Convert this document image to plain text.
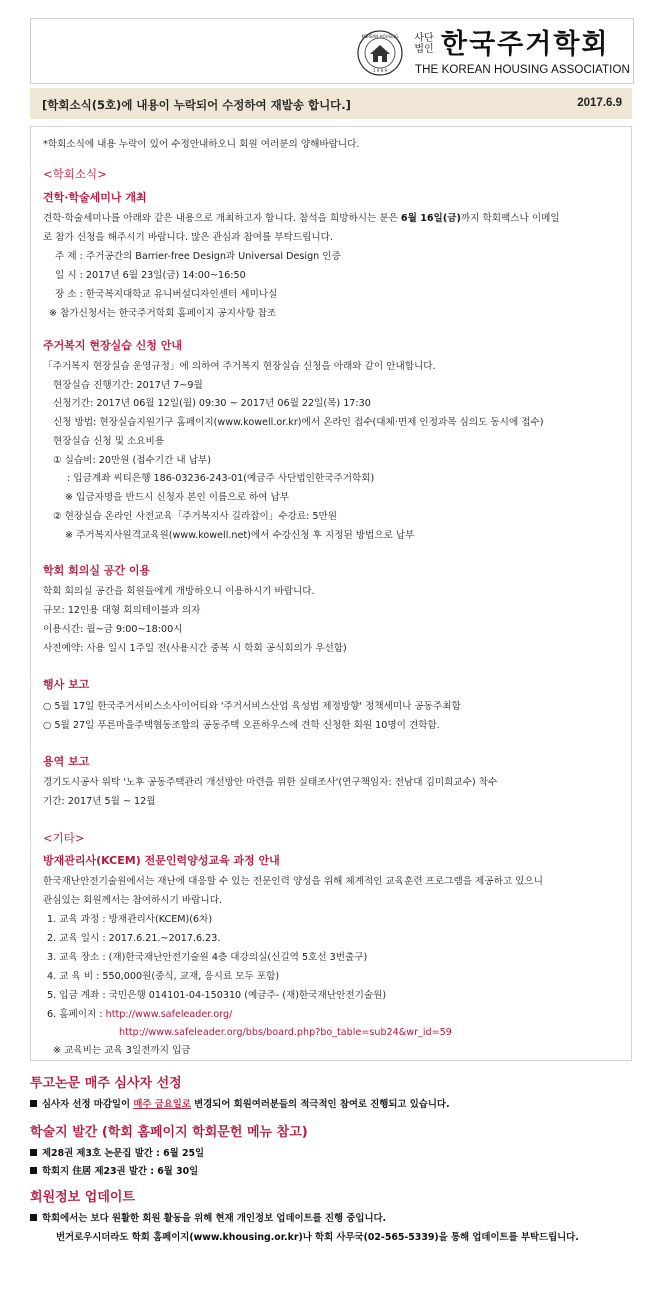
KOREAN HOUSING
1 9 8 9
사단
법인 한국주거학회
THE KOREAN HOUSING ASSOCIATION
[학회소식(5호)에 내용이 누락되어 수정하여 재발송 합니다.]	2017.6.9
*학회소식에 내용 누락이 있어 수정안내하오니 회원 여러분의 양해바랍니다.
<학회소식>
견학·학술세미나 개최
견학·학술세미나를 아래와 같은 내용으로 개최하고자 합니다. 참석을 희망하시는 분은 6월 16일(금)까지 학회팩스나 이메일
로 참가 신청을 해주시기 바랍니다. 많은 관심과 참여를 부탁드립니다.
주 제 : 주거공간의 Barrier-free Design과 Universal Design 인증
일 시 : 2017년 6월 23일(금) 14:00~16:50
장 소 : 한국복지대학교 유니버설디자인센터 세미나실
※ 참가신청서는 한국주거학회 홈페이지 공지사항 참조
주거복지 현장실습 신청 안내
「주거복지 현장실습 운영규정」에 의하여 주거복지 현장실습 신청을 아래와 같이 안내합니다.
현장실습 진행기간: 2017년 7~9월
신청기간: 2017년 06월 12일(월) 09:30 ~ 2017년 06월 22일(목) 17:30
신청 방법: 현장실습지원기구 홈페이지(www.kowell.or.kr)에서 온라인 접수(대체·면제 인정과목 심의도 동시에 접수)
현장실습 신청 및 소요비용
① 실습비: 20만원 (접수기간 내 납부)
: 입금계좌 씨티은행 186-03236-243-01(예금주 사단법인한국주거학회)
※ 입금자명을 반드시 신청자 본인 이름으로 하여 납부
② 현장실습 온라인 사전교육「주거복지사 길라잡이」수강료: 5만원
※ 주거복지사원격교육원(www.kowell.net)에서 수강신청 후 지정된 방법으로 납부
학회 회의실 공간 이용
학회 회의실 공간을 회원들에게 개방하오니 이용하시기 바랍니다.
규모: 12인용 대형 회의테이블과 의자
이용시간: 월~금 9:00~18:00시
사전예약: 사용 일시 1주일 전(사용시간 중복 시 학회 공식회의가 우선함)
행사 보고
○ 5월 17일 한국주거서비스소사이어티와 '주거서비스산업 육성법 제정방향' 정책세미나 공동주최함
○ 5월 27일 푸른마을주택협동조합의 공동주택 오픈하우스에 견학 신청한 회원 10명이 견학함.
용역 보고
경기도시공사 위탁 '노후 공동주택관리 개선방안 마련을 위한 실태조사'(연구책임자: 전남대 김미희교수) 착수
기간: 2017년 5월 ~ 12월
<기타>
방재관리사(KCEM) 전문인력양성교육 과정 안내
한국재난안전기술원에서는 재난에 대응할 수 있는 전문인력 양성을 위해 체계적인 교육훈련 프로그램을 제공하고 있으니
관심있는 회원께서는 참여하시기 바랍니다.
1. 교육 과정 : 방재관리사(KCEM)(6차)
2. 교육 일시 : 2017.6.21.~2017.6.23.
3. 교육 장소 : (재)한국재난안전기술원 4층 대강의실(신길역 5호선 3번출구)
4. 교 육 비 : 550,000원(중식, 교재, 응시료 모두 포함)
5. 입금 계좌 : 국민은행 014101-04-150310 (예금주- (재)한국재난안전기술원)
6. 홈페이지 : http://www.safeleader.org/
http://www.safeleader.org/bbs/board.php?bo_table=sub24&wr_id=59
※ 교육비는 교육 3일전까지 입금
투고논문 매주 심사자 선정
심사자 선정 마감일이 매주 금요일로 변경되어 회원여러분들의 적극적인 참여로 진행되고 있습니다.
학술지 발간 (학회 홈페이지 학회문헌 메뉴 참고)
제28권 제3호 논문집 발간 : 6월 25일
학회지 住居 제23권 발간 : 6월 30일
회원정보 업데이트
학회에서는 보다 원활한 회원 활동을 위해 현재 개인정보 업데이트를 진행 중입니다.
번거로우시더라도 학회 홈페이지(www.khousing.or.kr)나 학회 사무국(02-565-5339)을 통해 업데이트를 부탁드립니다.
